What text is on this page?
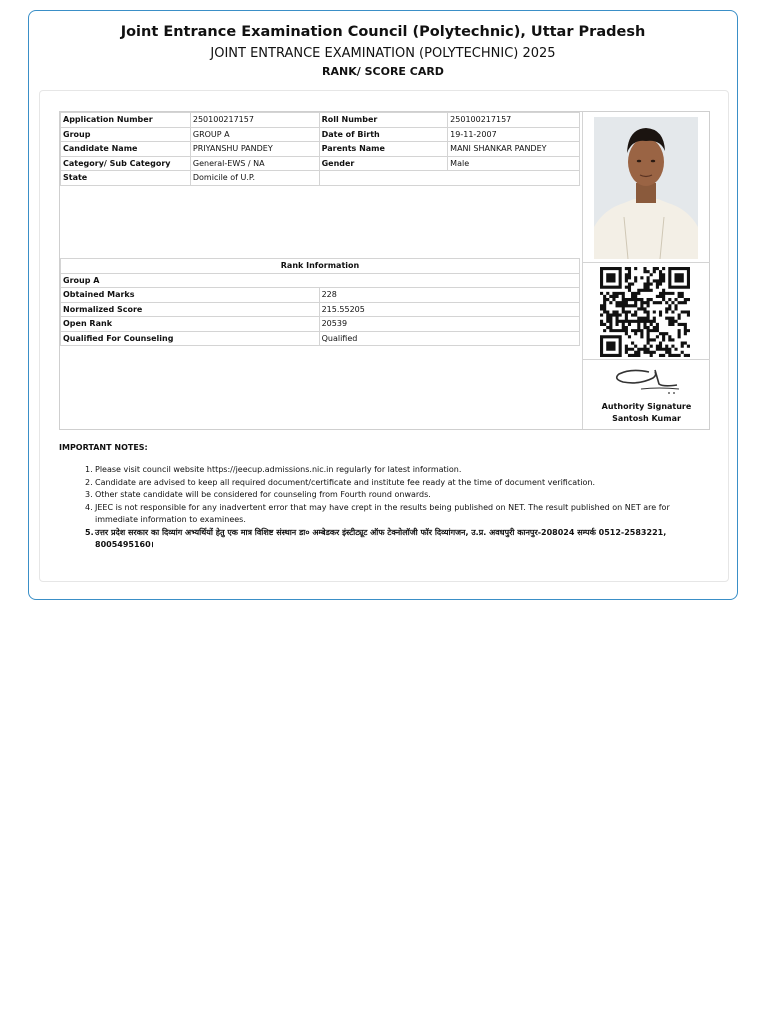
Joint Entrance Examination Council (Polytechnic), Uttar Pradesh
JOINT ENTRANCE EXAMINATION (POLYTECHNIC) 2025
RANK/ SCORE CARD
Application Number	250100217157	Roll Number	250100217157
Group	GROUP A	Date of Birth	19-11-2007
Candidate Name	PRIYANSHU PANDEY	Parents Name	MANI SHANKAR PANDEY
Category/ Sub Category	General-EWS / NA	Gender	Male
State	Domicile of U.P.		
Rank Information	
Group A	
Obtained Marks	228
Normalized Score	215.55205
Open Rank	20539
Qualified For Counseling	Qualified
Authority Signature
Santosh Kumar
IMPORTANT NOTES:
1. Please visit council website https://jeecup.admissions.nic.in regularly for latest information.
2. Candidate are advised to keep all required document/certificate and institute fee ready at the time of document verification.
3. Other state candidate will be considered for counseling from Fourth round onwards.
4. JEEC is not responsible for any inadvertent error that may have crept in the results being published on NET. The result published on NET are for immediate information to examinees.
5. उत्तर प्रदेश सरकार का दिव्यांग अभ्यर्थियों हेतु एक मात्र विशिष्ट संस्थान डा० अम्बेडकर इंस्टीट्यूट ऑफ टेक्नोलॉजी फॉर दिव्यांगजन, उ.प्र. अवधपुरी कानपुर-208024 सम्पर्क 0512-2583221, 8005495160।
